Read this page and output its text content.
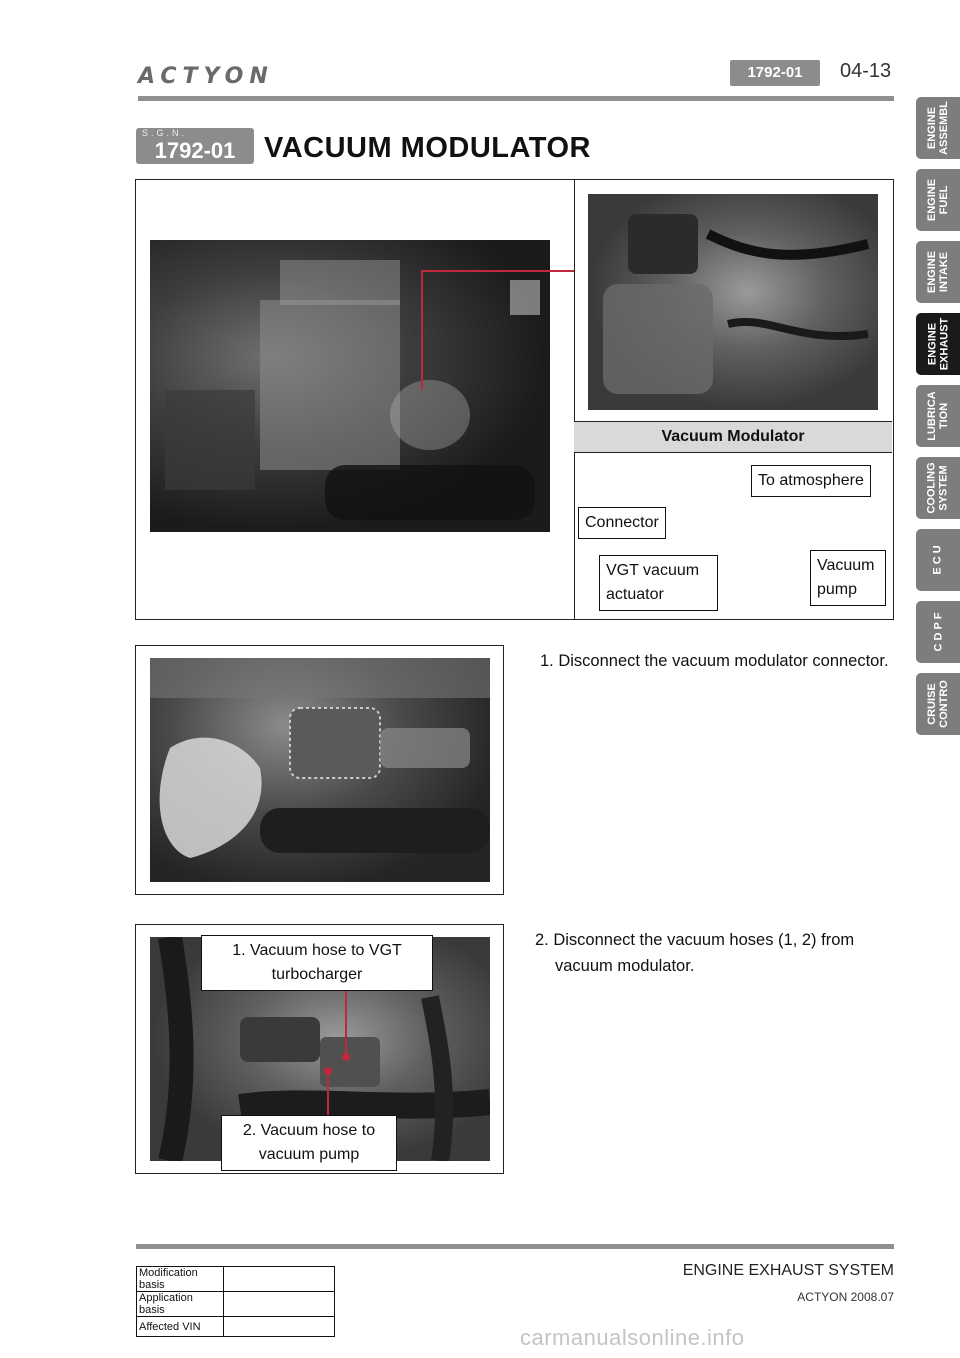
ACTYON	1792-01	04-13
S.G.N.
1792-01 VACUUM MODULATOR	ENGINE
ASSEMBL
ENGINE
FUEL
ENGINE
INTAKE
ENGINE
EXHAUST
LUBRICA
TION
COOLING
SYSTEM
E C U
C D P F
CRUISE
CONTRO
Vacuum Modulator
To atmosphere
Connector
VGT vacuum actuator
Vacuum pump
1. Disconnect the vacuum modulator connector.
1. Vacuum hose to VGT turbocharger
2. Vacuum hose to vacuum pump
2. Disconnect the vacuum hoses (1, 2) from vacuum modulator.
ENGINE EXHAUST SYSTEM
ACTYON 2008.07
Modification basis	
Application basis	
Affected VIN		carmanualsonline.info
